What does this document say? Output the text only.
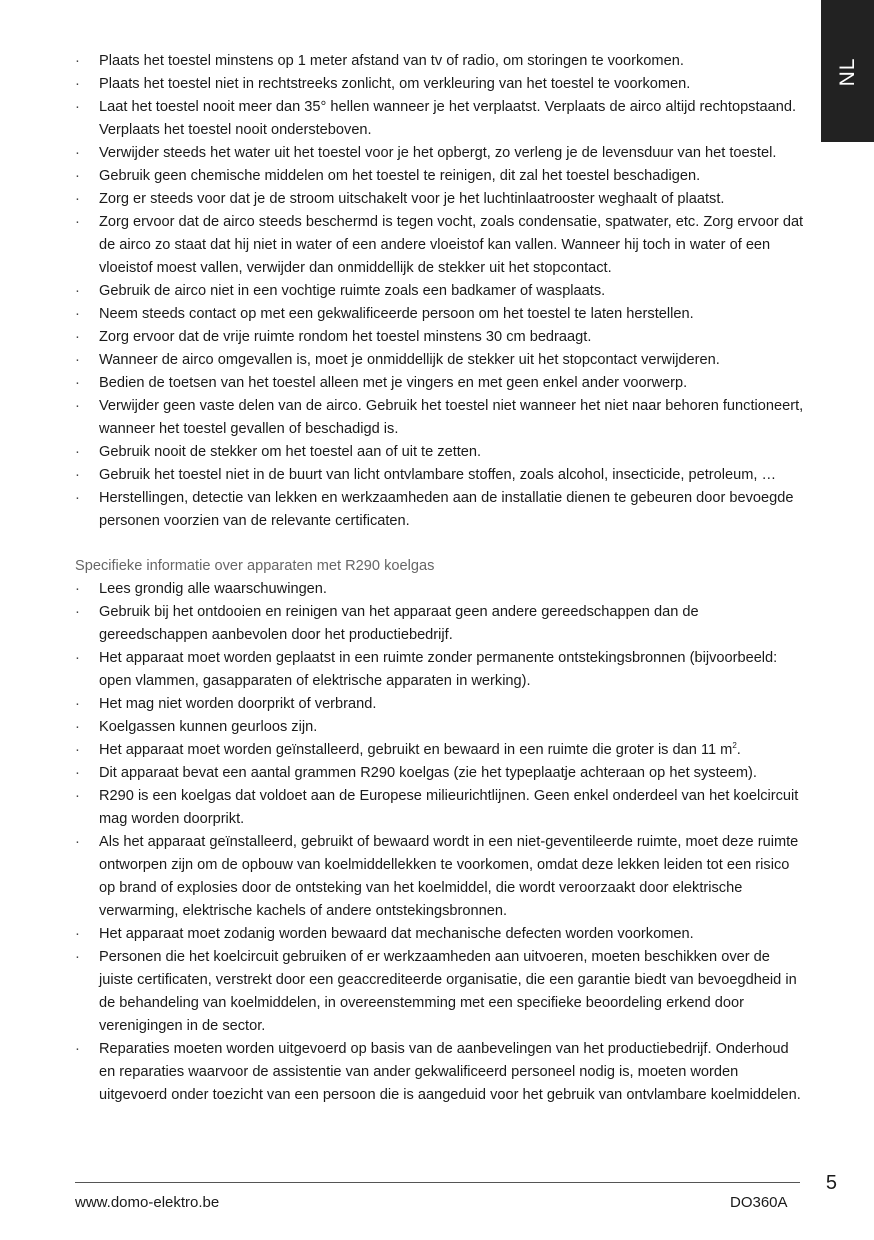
NL
· Plaats het toestel minstens op 1 meter afstand van tv of radio, om storingen te voorkomen.
· Plaats het toestel niet in rechtstreeks zonlicht, om verkleuring van het toestel te voorkomen.
· Laat het toestel nooit meer dan 35° hellen wanneer je het verplaatst. Verplaats de airco altijd rechtopstaand. Verplaats het toestel nooit ondersteboven.
· Verwijder steeds het water uit het toestel voor je het opbergt, zo verleng je de levensduur van het toestel.
· Gebruik geen chemische middelen om het toestel te reinigen, dit zal het toestel beschadigen.
· Zorg er steeds voor dat je de stroom uitschakelt voor je het luchtinlaatrooster weghaalt of plaatst.
· Zorg ervoor dat de airco steeds beschermd is tegen vocht, zoals condensatie, spatwater, etc. Zorg ervoor dat de airco zo staat dat hij niet in water of een andere vloeistof kan vallen. Wanneer hij toch in water of een vloeistof moest vallen, verwijder dan onmiddellijk de stekker uit het stopcontact.
· Gebruik de airco niet in een vochtige ruimte zoals een badkamer of wasplaats.
· Neem steeds contact op met een gekwalificeerde persoon om het toestel te laten herstellen.
· Zorg ervoor dat de vrije ruimte rondom het toestel minstens 30 cm bedraagt.
· Wanneer de airco omgevallen is, moet je onmiddellijk de stekker uit het stopcontact verwijderen.
· Bedien de toetsen van het toestel alleen met je vingers en met geen enkel ander voorwerp.
· Verwijder geen vaste delen van de airco. Gebruik het toestel niet wanneer het niet naar behoren functioneert, wanneer het toestel gevallen of beschadigd is.
· Gebruik nooit de stekker om het toestel aan of uit te zetten.
· Gebruik het toestel niet in de buurt van licht ontvlambare stoffen, zoals alcohol, insecticide, petroleum, …
· Herstellingen, detectie van lekken en werkzaamheden aan de installatie dienen te gebeuren door bevoegde personen voorzien van de relevante certificaten.
Specifieke informatie over apparaten met R290 koelgas
· Lees grondig alle waarschuwingen.
· Gebruik bij het ontdooien en reinigen van het apparaat geen andere gereedschappen dan de gereedschappen aanbevolen door het productiebedrijf.
· Het apparaat moet worden geplaatst in een ruimte zonder permanente ontstekingsbronnen (bijvoorbeeld: open vlammen, gasapparaten of elektrische apparaten in werking).
· Het mag niet worden doorprikt of verbrand.
· Koelgassen kunnen geurloos zijn.
· Het apparaat moet worden geïnstalleerd, gebruikt en bewaard in een ruimte die groter is dan 11 $m^2$.
· Dit apparaat bevat een aantal grammen R290 koelgas (zie het typeplaatje achteraan op het systeem).
· R290 is een koelgas dat voldoet aan de Europese milieurichtlijnen. Geen enkel onderdeel van het koelcircuit mag worden doorprikt.
· Als het apparaat geïnstalleerd, gebruikt of bewaard wordt in een niet-geventileerde ruimte, moet deze ruimte ontworpen zijn om de opbouw van koelmiddellekken te voorkomen, omdat deze lekken leiden tot een risico op brand of explosies door de ontsteking van het koelmiddel, die wordt veroorzaakt door elektrische verwarming, elektrische kachels of andere ontstekingsbronnen.
· Het apparaat moet zodanig worden bewaard dat mechanische defecten worden voorkomen.
· Personen die het koelcircuit gebruiken of er werkzaamheden aan uitvoeren, moeten beschikken over de juiste certificaten, verstrekt door een geaccrediteerde organisatie, die een garantie biedt van bevoegdheid in de behandeling van koelmiddelen, in overeenstemming met een specifieke beoordeling erkend door verenigingen in de sector.
· Reparaties moeten worden uitgevoerd op basis van de aanbevelingen van het productiebedrijf. Onderhoud en reparaties waarvoor de assistentie van ander gekwalificeerd personeel nodig is, moeten worden uitgevoerd onder toezicht van een persoon die is aangeduid voor het gebruik van ontvlambare koelmiddelen.
5
www.domo-elektro.be	DO360A
